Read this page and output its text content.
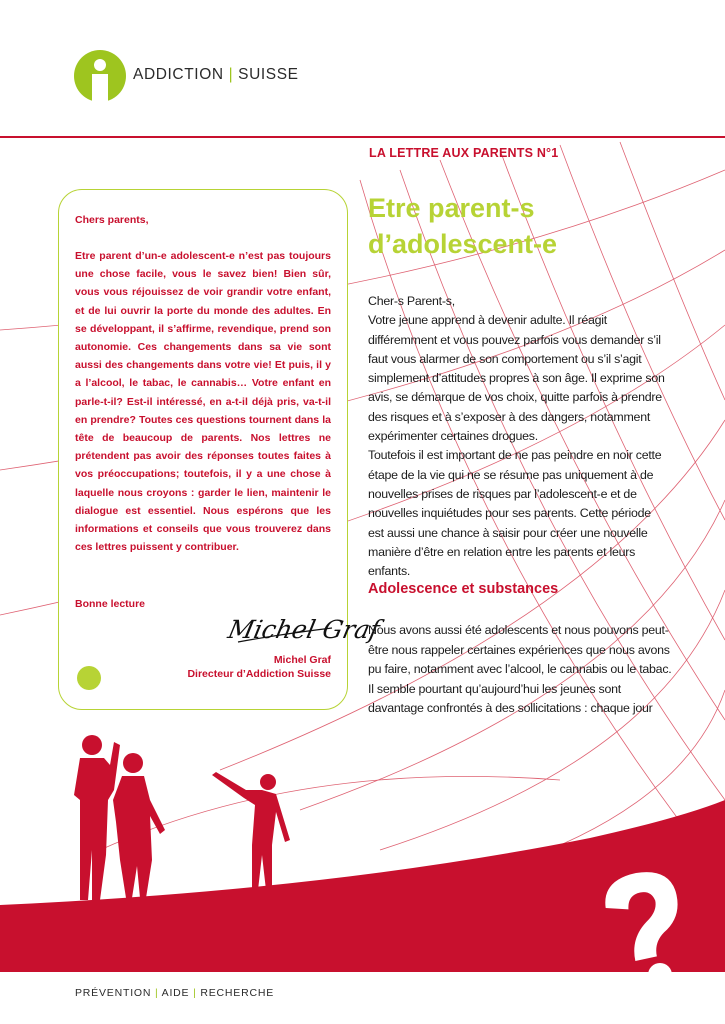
ADDICTION | SUISSE
LA LETTRE AUX PARENTS N°1
Chers parents,

Etre parent d’un-e adolescent-e n’est pas toujours une chose facile, vous le savez bien! Bien sûr, vous vous réjouissez de voir grandir votre enfant, et de lui ouvrir la porte du monde des adultes. En se développant, il s’affirme, revendique, prend son autonomie. Ces changements dans sa vie sont aussi des changements dans votre vie! Et puis, il y a l’alcool, le tabac, le cannabis… Votre enfant en parle-t-il? Est-il intéressé, en a-t-il déjà pris, va-t-il en prendre? Toutes ces questions tournent dans la tête de beaucoup de parents. Nos lettres ne prétendent pas avoir des réponses toutes faites à vos préoccupations; toutefois, il y a une chose à laquelle nous croyons : garder le lien, maintenir le dialogue est essentiel. Nous espérons que les informations et conseils que vous trouverez dans ces lettres puissent y contribuer.

Bonne lecture
Michel Graf
Michel Graf
Directeur d’Addiction Suisse
Etre parent-s
d’adolescent-e

Cher-s Parent-s,

Votre jeune apprend à devenir adulte. Il réagit différemment et vous pouvez parfois vous demander s’il faut vous alarmer de son comportement ou s’il s’agit simplement d’attitudes propres à son âge. Il exprime son avis, se démarque de vos choix, quitte parfois à prendre des risques et à s’exposer à des dangers, notamment expérimenter certaines drogues.

Toutefois il est important de ne pas peindre en noir cette étape de la vie qui ne se résume pas uniquement à de nouvelles prises de risques par l’adolescent-e et de nouvelles inquiétudes pour ses parents. Cette période est aussi une chance à saisir pour créer une nouvelle manière d’être en relation entre les parents et leurs enfants.

Adolescence et substances

Nous avons aussi été adolescents et nous pouvons peut-être nous rappeler certaines expériences que nous avons pu faire, notamment avec l’alcool, le cannabis ou le tabac. Il semble pourtant qu’aujourd’hui les jeunes sont davantage confrontés à des sollicitations : chaque jour

PRÉVENTION | AIDE | RECHERCHE
